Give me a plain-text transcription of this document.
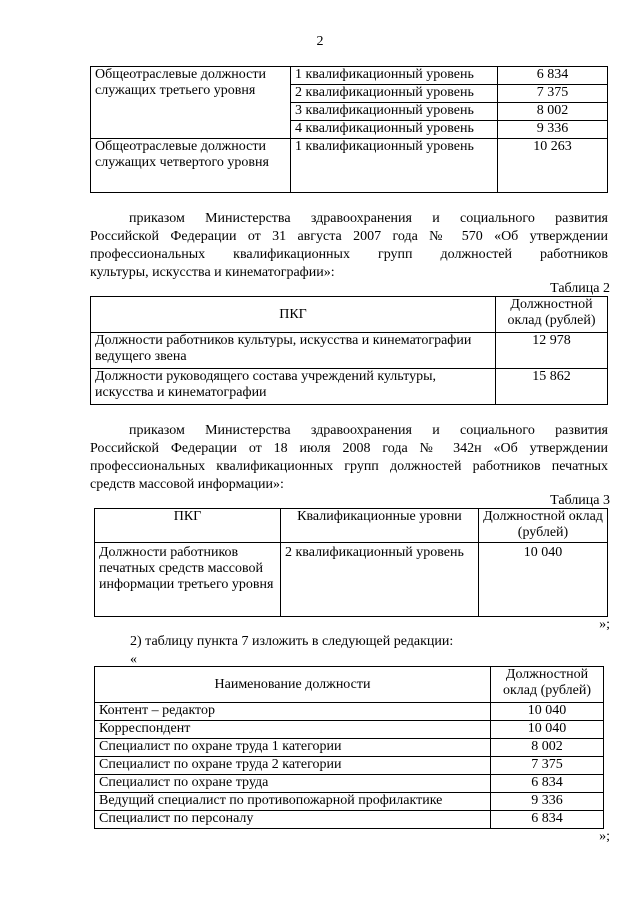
2
Общеотраслевые должности служащих третьего уровня	1 квалификационный уровень	6 834
	2 квалификационный уровень	7 375
	3 квалификационный уровень	8 002
	4 квалификационный уровень	9 336
Общеотраслевые должности служащих четвертого уровня	1 квалификационный уровень	10 263
приказом Министерства здравоохранения и социального развития
Российской Федерации от 31 августа 2007 года № 570 «Об утверждении
профессиональных квалификационных групп должностей работников
культуры, искусства и кинематографии»:
Таблица 2
ПКГ	Должностной оклад (рублей)
Должности работников культуры, искусства и кинематографии ведущего звена	12 978
Должности руководящего состава учреждений культуры, искусства и кинематографии	15 862
приказом Министерства здравоохранения и социального развития
Российской Федерации от 18 июля 2008 года № 342н «Об утверждении
профессиональных квалификационных групп должностей работников печатных
средств массовой информации»:
Таблица 3
ПКГ	Квалификационные уровни	Должностной оклад (рублей)
Должности работников печатных средств массовой информации третьего уровня	2 квалификационный уровень	10 040
»;
2) таблицу пункта 7 изложить в следующей редакции:
«
Наименование должности	Должностной оклад (рублей)
Контент – редактор	10 040
Корреспондент	10 040
Специалист по охране труда 1 категории	8 002
Специалист по охране труда 2 категории	7 375
Специалист по охране труда	6 834
Ведущий специалист по противопожарной профилактике	9 336
Специалист по персоналу	6 834
»;
